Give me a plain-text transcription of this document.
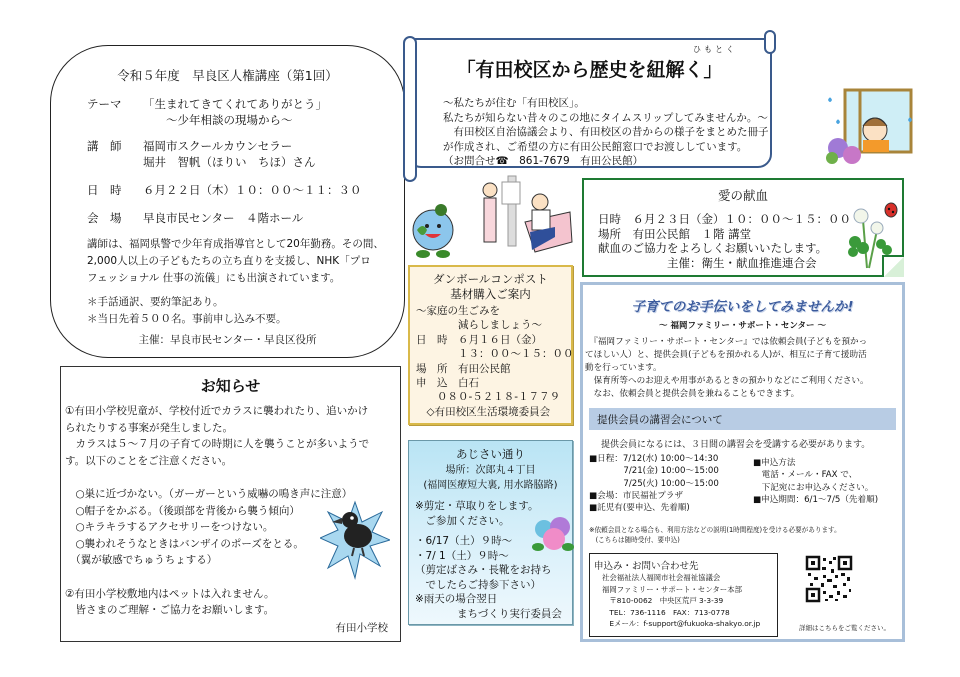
令和５年度　早良区人権講座（第1回）
テーマ 「生まれてきてくれてありがとう」
　　～少年相談の現場から～
講　師 福岡市スクールカウンセラー
堀井　智帆（ほりい　ちほ）さん
日　時 ６月２２日（木）１０：００～１１：３０
会　場 早良市民センター　４階ホール
講師は、福岡県警で少年育成指導官として20年勤務。その間、
2,000人以上の子どもたちの立ち直りを支援し、NHK「プロ
フェッショナル 仕事の流儀」にも出演されています。
＊手話通訳、要約筆記あり。
＊当日先着５００名。事前申し込み不要。
主催：早良市民センター・早良区役所
ひもとく
「有田校区から歴史を紐解く」
～私たちが住む「有田校区」。
私たちが知らない昔々のこの地にタイムスリップしてみませんか。～
　有田校区自治協議会より、有田校区の昔からの様子をまとめた冊子
が作成され、ご希望の方に有田公民館窓口でお渡ししています。
（お問合せ☎　861-7679　有田公民館）
愛の献血
日時　６月２３日（金）１０：００～１５：００
場所　有田公民館　１階 講堂
献血のご協力をよろしくお願いいたします。
　　　　　　主催：衛生・献血推進連合会
ダンボールコンポスト
基材購入ご案内
～家庭の生ごみを
　　　　減らしましょう～
日　時　６月１６日（金）
　　　　１３：００～１５：００
場　所　有田公民館
申　込　白石
　　０８０-５２１８-１７７９
　◇有田校区生活環境委員会
あじさい通り
場所：次郎丸４丁目
(福岡医療短大裏, 用水路脇路)
※剪定・草取りをします。
　ご参加ください。
・6/17（土）９時～
・7/ 1（土）９時～
（剪定ばさみ・長靴をお持ち
　でしたらご持参下さい）
※雨天の場合翌日
　　　　まちづくり実行委員会
お知らせ
①有田小学校児童が、学校付近でカラスに襲われたり、追いかけ
られたりする事案が発生しました。
　カラスは５～７月の子育ての時期に人を襲うことが多いようで
す。以下のことをご注意ください。
　○巣に近づかない。（ガーガーという威嚇の鳴き声に注意）
　○帽子をかぶる。（後頭部を背後から襲う傾向）
　○キラキラするアクセサリーをつけない。
　○襲われそうなときはバンザイのポーズをとる。
　（翼が敏感でちゅうちょする）
②有田小学校敷地内はペットは入れません。
　皆さまのご理解・ご協力をお願いします。
有田小学校
子育てのお手伝いをしてみませんか!
～ 福岡ファミリー・サポート・センター ～
　『福岡ファミリー・サポート・センター』では依頼会員(子どもを預かっ
てほしい人）と、提供会員(子どもを預かれる人)が、相互に子育て援助活
動を行っています。
　保育所等へのお迎えや用事があるときの預かりなどにご利用ください。
　なお、依頼会員と提供会員を兼ねることもできます。
提供会員の講習会について
提供会員になるには、３日間の講習会を受講する必要があります。
■日程：7/12(水) 10:00～14:30
　　　　7/21(金) 10:00～15:00
　　　　7/25(火) 10:00～15:00
■会場：市民福祉プラザ
■託児有(要申込、先着順)
■申込方法
　電話・メール・FAX で、
　下記宛にお申込みください。
■申込期間：6/1～7/5（先着順)
※依頼会員となる場合も、利用方法などの説明(1時間程度)を受ける必要があります。
　(こちらは随時受付、要申込)
申込み・お問い合わせ先
社会福祉法人福岡市社会福祉協議会
福岡ファミリー・サポート・センター本部
　〒810-0062　中央区荒戸 3-3-39
　TEL：736-1116　FAX：713-0778
　Eメール：f-support@fukuoka-shakyo.or.jp	詳細はこちらをご覧ください。
